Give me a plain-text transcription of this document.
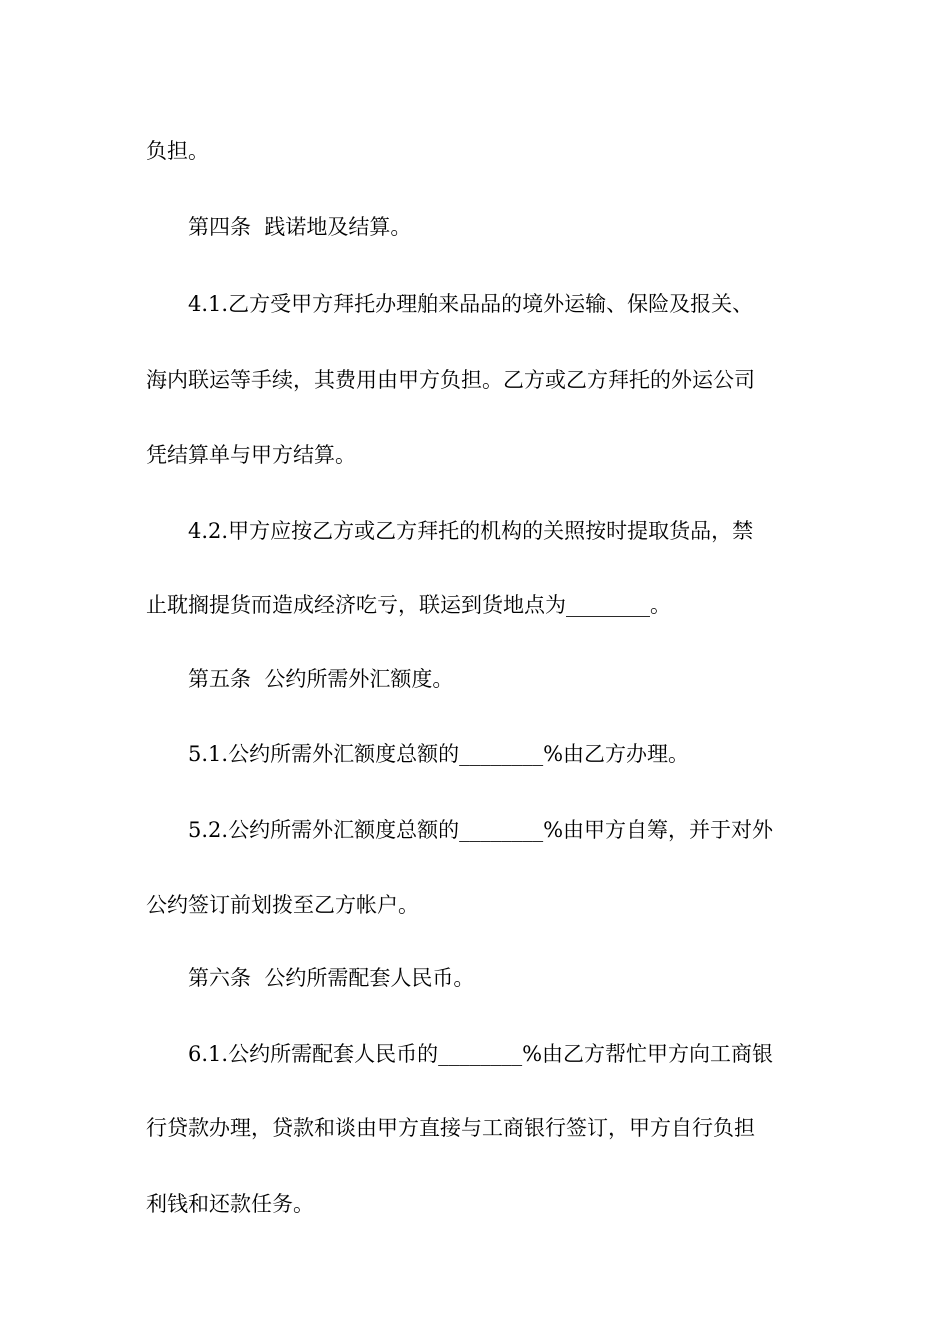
负担。
第四条  践诺地及结算。
4.1.乙方受甲方拜托办理舶来品品的境外运输、保险及报关、
海内联运等手续，其费用由甲方负担。乙方或乙方拜托的外运公司
凭结算单与甲方结算。
4.2.甲方应按乙方或乙方拜托的机构的关照按时提取货品，禁
止耽搁提货而造成经济吃亏，联运到货地点为________。
第五条  公约所需外汇额度。
5.1.公约所需外汇额度总额的________%由乙方办理。
5.2.公约所需外汇额度总额的________%由甲方自筹，并于对外
公约签订前划拨至乙方帐户。
第六条  公约所需配套人民币。
6.1.公约所需配套人民币的________%由乙方帮忙甲方向工商银
行贷款办理，贷款和谈由甲方直接与工商银行签订，甲方自行负担
利钱和还款任务。
